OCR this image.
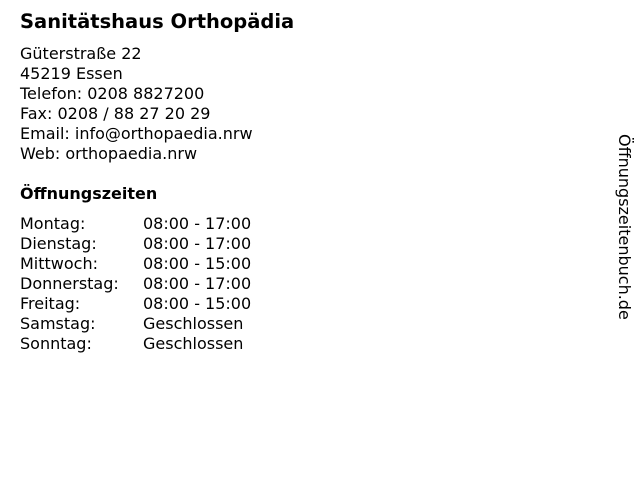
Sanitätshaus Orthopädia
Güterstraße 22
45219 Essen
Telefon: 0208 8827200
Fax: 0208 / 88 27 20 29
Email: info@orthopaedia.nrw
Web: orthopaedia.nrw
Öffnungszeiten
Montag:	08:00 - 17:00
Dienstag:	08:00 - 17:00
Mittwoch:	08:00 - 15:00
Donnerstag: 08:00 - 17:00
Freitag:	08:00 - 15:00
Samstag:	Geschlossen
Sonntag:	Geschlossen
Öffnungszeitenbuch.de
